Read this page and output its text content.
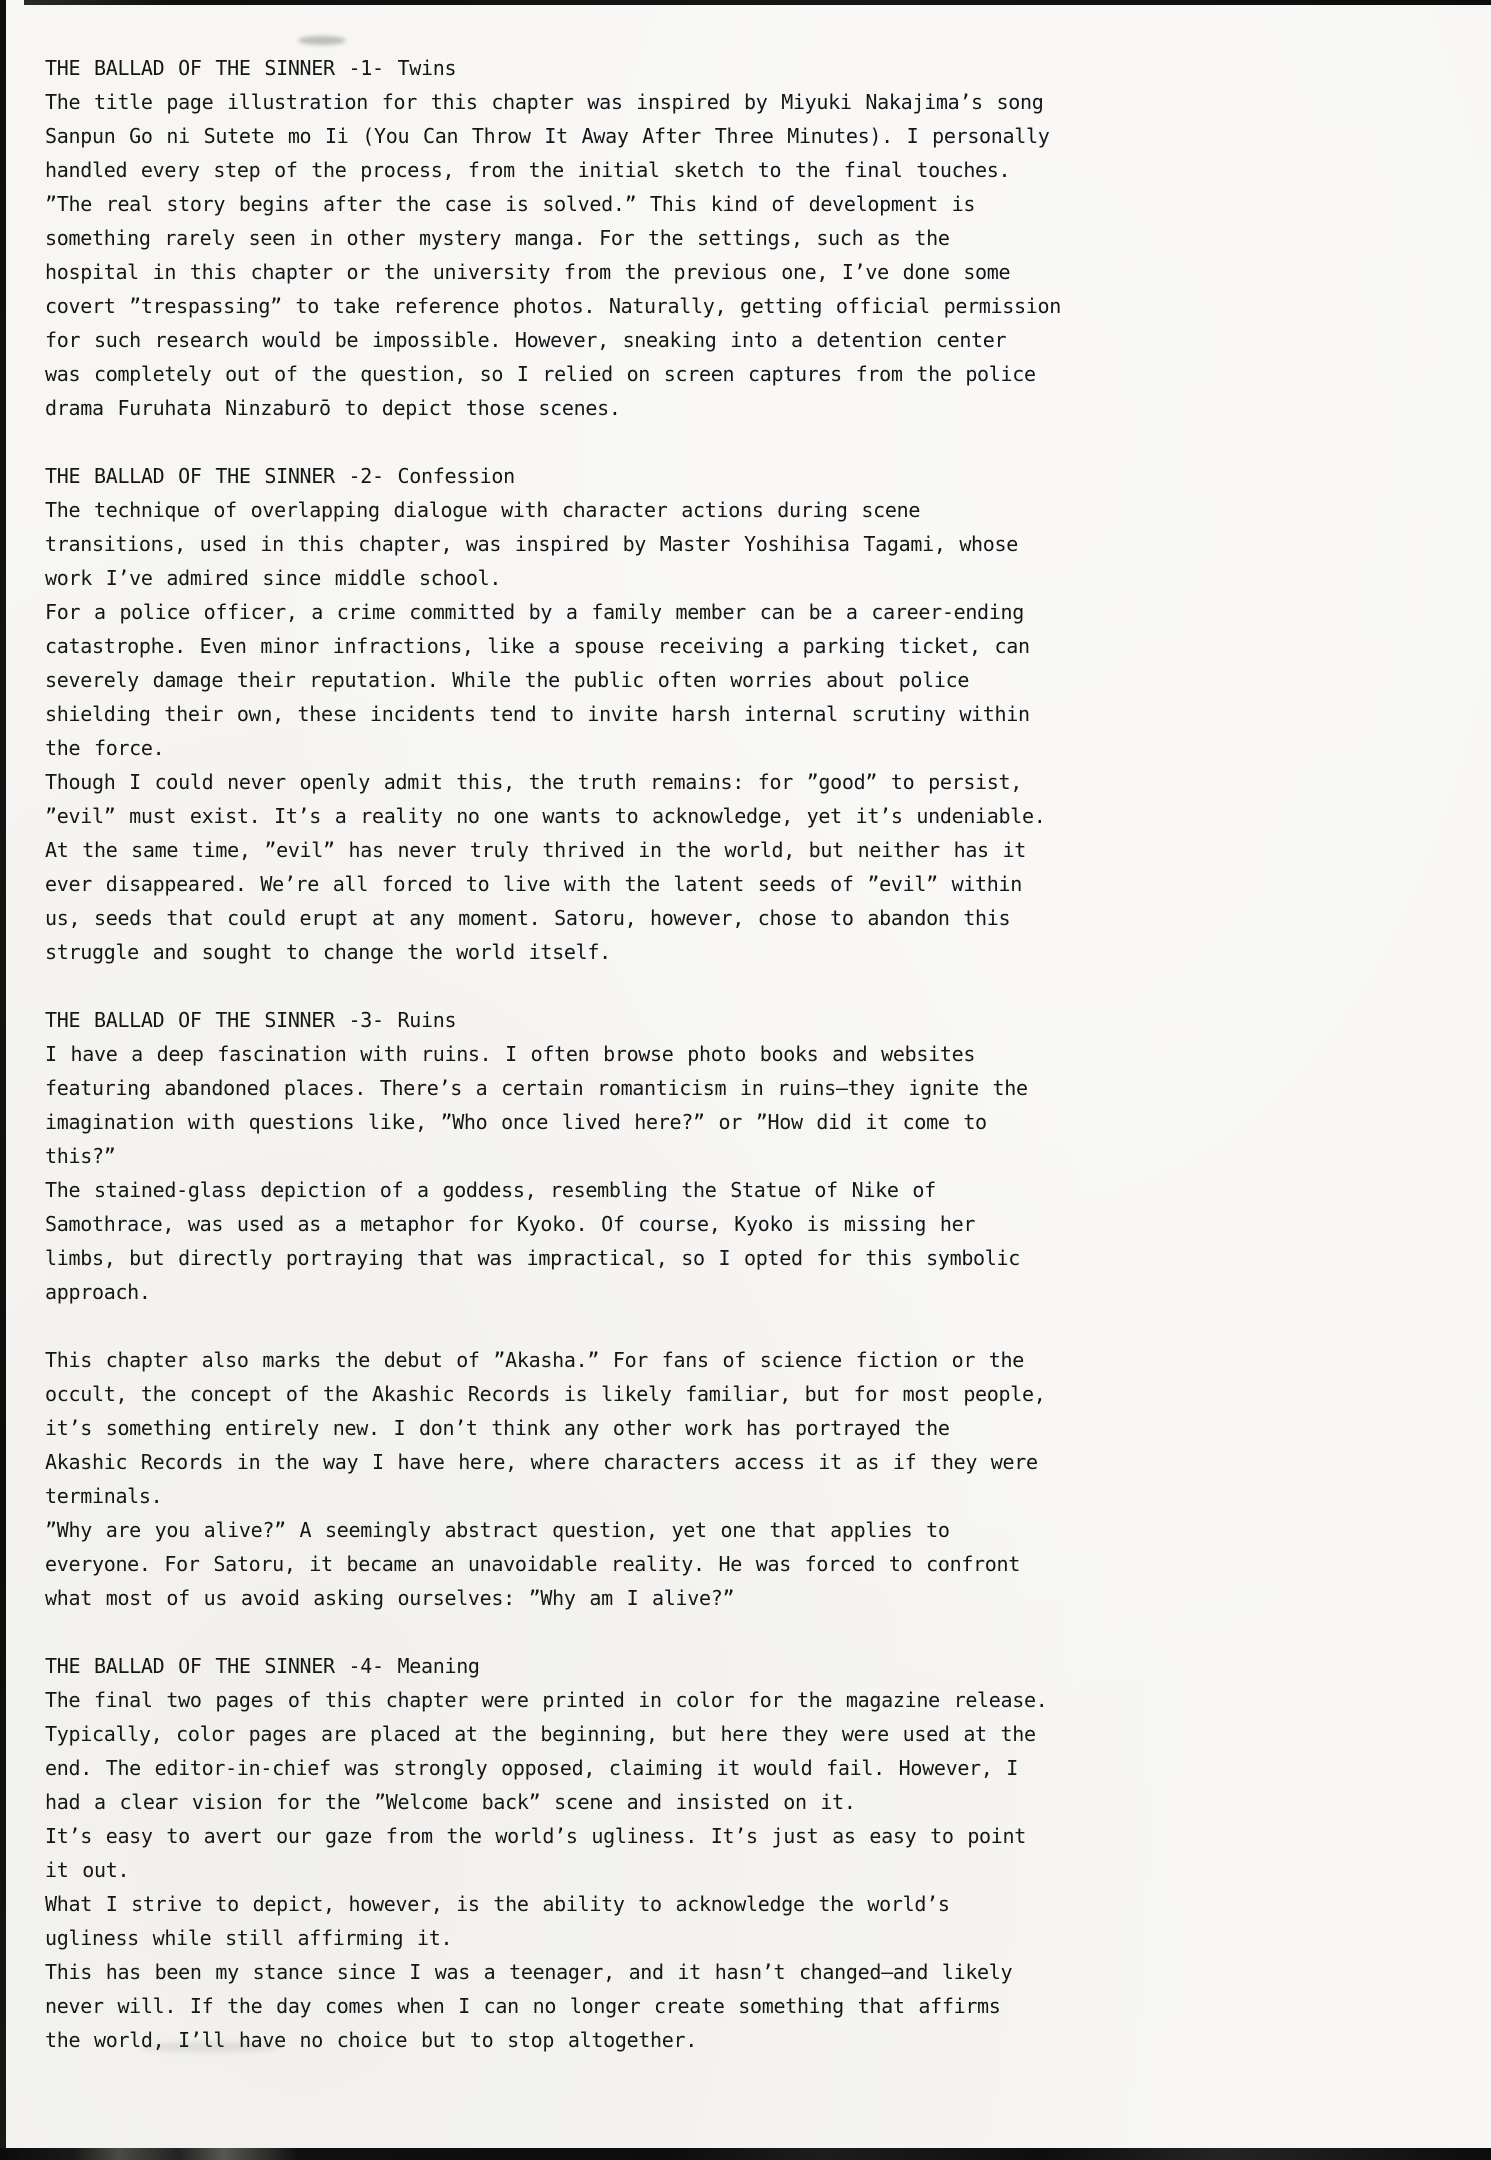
THE BALLAD OF THE SINNER -1- Twins
The title page illustration for this chapter was inspired by Miyuki Nakajima’s song
Sanpun Go ni Sutete mo Ii (You Can Throw It Away After Three Minutes). I personally
handled every step of the process, from the initial sketch to the final touches.
”The real story begins after the case is solved.” This kind of development is
something rarely seen in other mystery manga. For the settings, such as the
hospital in this chapter or the university from the previous one, I’ve done some
covert ”trespassing” to take reference photos. Naturally, getting official permission
for such research would be impossible. However, sneaking into a detention center
was completely out of the question, so I relied on screen captures from the police
drama Furuhata Ninzaburō to depict those scenes.
THE BALLAD OF THE SINNER -2- Confession
The technique of overlapping dialogue with character actions during scene
transitions, used in this chapter, was inspired by Master Yoshihisa Tagami, whose
work I’ve admired since middle school.
For a police officer, a crime committed by a family member can be a career-ending
catastrophe. Even minor infractions, like a spouse receiving a parking ticket, can
severely damage their reputation. While the public often worries about police
shielding their own, these incidents tend to invite harsh internal scrutiny within
the force.
Though I could never openly admit this, the truth remains: for ”good” to persist,
”evil” must exist. It’s a reality no one wants to acknowledge, yet it’s undeniable.
At the same time, ”evil” has never truly thrived in the world, but neither has it
ever disappeared. We’re all forced to live with the latent seeds of ”evil” within
us, seeds that could erupt at any moment. Satoru, however, chose to abandon this
struggle and sought to change the world itself.
THE BALLAD OF THE SINNER -3- Ruins
I have a deep fascination with ruins. I often browse photo books and websites
featuring abandoned places. There’s a certain romanticism in ruins—they ignite the
imagination with questions like, ”Who once lived here?” or ”How did it come to
this?”
The stained-glass depiction of a goddess, resembling the Statue of Nike of
Samothrace, was used as a metaphor for Kyoko. Of course, Kyoko is missing her
limbs, but directly portraying that was impractical, so I opted for this symbolic
approach.
This chapter also marks the debut of ”Akasha.” For fans of science fiction or the
occult, the concept of the Akashic Records is likely familiar, but for most people,
it’s something entirely new. I don’t think any other work has portrayed the
Akashic Records in the way I have here, where characters access it as if they were
terminals.
”Why are you alive?” A seemingly abstract question, yet one that applies to
everyone. For Satoru, it became an unavoidable reality. He was forced to confront
what most of us avoid asking ourselves: ”Why am I alive?”
THE BALLAD OF THE SINNER -4- Meaning
The final two pages of this chapter were printed in color for the magazine release.
Typically, color pages are placed at the beginning, but here they were used at the
end. The editor-in-chief was strongly opposed, claiming it would fail. However, I
had a clear vision for the ”Welcome back” scene and insisted on it.
It’s easy to avert our gaze from the world’s ugliness. It’s just as easy to point
it out.
What I strive to depict, however, is the ability to acknowledge the world’s
ugliness while still affirming it.
This has been my stance since I was a teenager, and it hasn’t changed—and likely
never will. If the day comes when I can no longer create something that affirms
the world, I’ll have no choice but to stop altogether.
